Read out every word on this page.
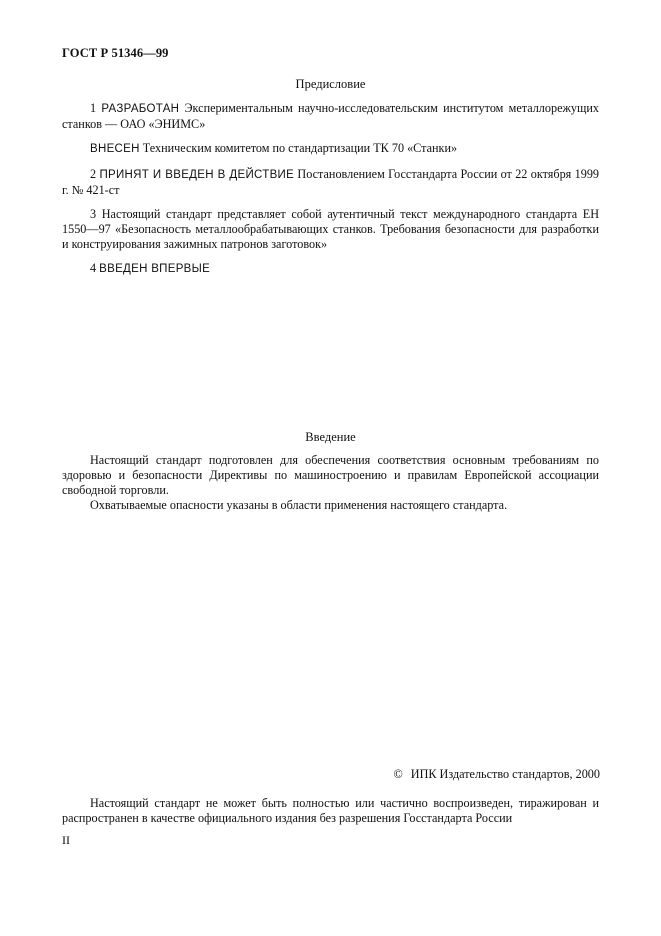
ГОСТ Р 51346—99
Предисловие

1 РАЗРАБОТАН Экспериментальным научно-исследовательским институтом металлорежущих станков — ОАО «ЭНИМС»

ВНЕСЕН Техническим комитетом по стандартизации ТК 70 «Станки»

2 ПРИНЯТ И ВВЕДЕН В ДЕЙСТВИЕ Постановлением Госстандарта России от 22 октября 1999 г. № 421-ст

3 Настоящий стандарт представляет собой аутентичный текст международного стандарта ЕН 1550—97 «Безопасность металлообрабатывающих станков. Требования безопасности для разработки и конструирования зажимных патронов заготовок»

4 ВВЕДЕН ВПЕРВЫЕ

Введение

Настоящий стандарт подготовлен для обеспечения соответствия основным требованиям по здоровью и безопасности Директивы по машиностроению и правилам Европейской ассоциации свободной торговли.

Охватываемые опасности указаны в области применения настоящего стандарта.

© ИПК Издательство стандартов, 2000

Настоящий стандарт не может быть полностью или частично воспроизведен, тиражирован и распространен в качестве официального издания без разрешения Госстандарта России

II
